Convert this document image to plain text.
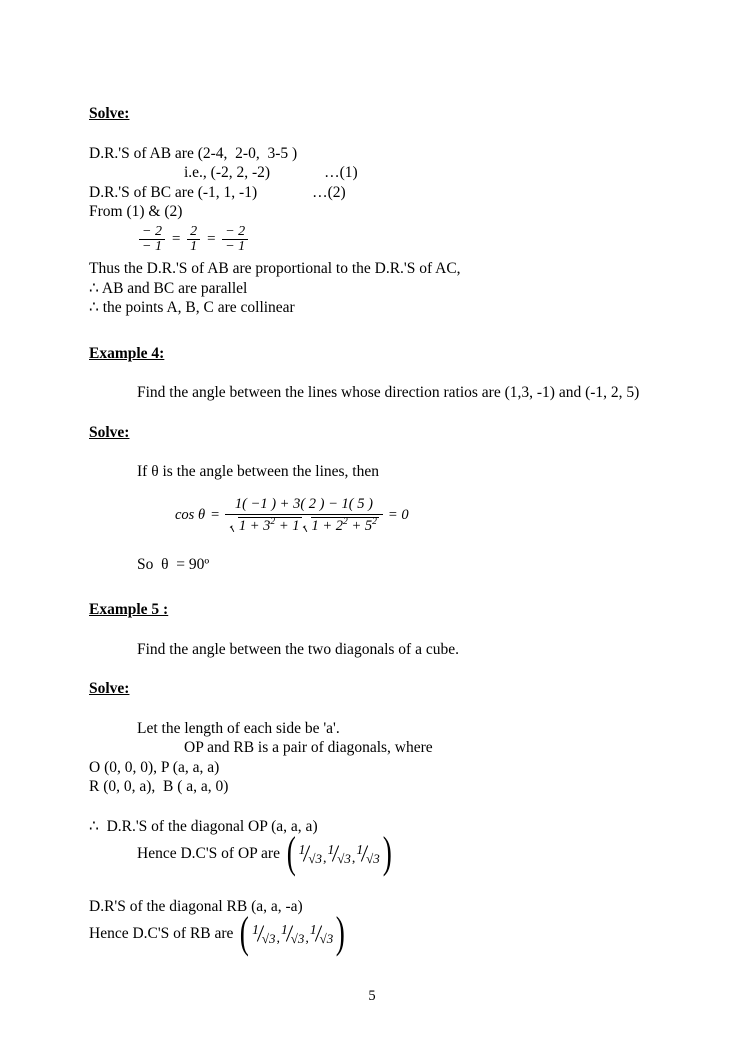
Solve:
D.R.'S of AB are (2-4,  2-0,  3-5 )
i.e., (-2, 2, -2)	…(1)
D.R.'S of BC are (-1, 1, -1)	…(2)
From (1) & (2)
$\frac{- 2}{- 1} = \frac{2}{1} = \frac{- 2}{- 1}$
Thus the D.R.'S of AB are proportional to the D.R.'S of AC,
∴ AB and BC are parallel
∴ the points A, B, C are collinear
Example 4:
Find the angle between the lines whose direction ratios are (1,3, -1) and (-1, 2, 5)
Solve:
If θ is the angle between the lines, then
$\cos \theta = \frac{1( -1 ) + 3( 2 ) - 1( 5 )}{1 + 3^2 + 1 1 + 2^2 + 5^2} = 0$
So  θ  = 90º
Example 5 :
Find the angle between the two diagonals of a cube.
Solve:
Let the length of each side be 'a'.
OP and RB is a pair of diagonals, where
O (0, 0, 0), P (a, a, a)
R (0, 0, a),  B ( a, a, 0)
∴  D.R.'S of the diagonal OP (a, a, a)
Hence D.C'S of OP are ( 1
√3 ,
1
√3 ,
1
√3 )
D.R'S of the diagonal RB (a, a, -a)
Hence D.C'S of RB are ( 1
√3 ,
1
√3 ,
1
√3 )
5
